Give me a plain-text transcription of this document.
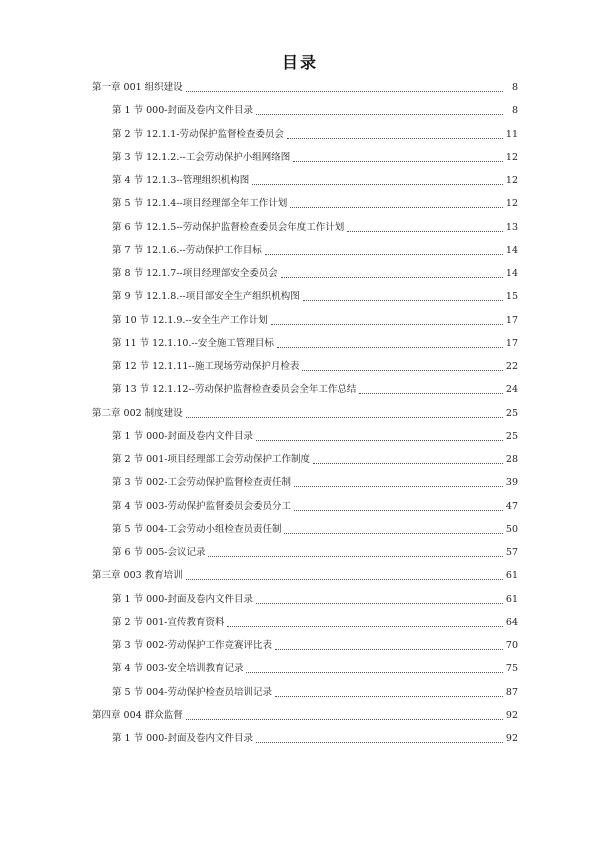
目录
第一章 001 组织建设	8
第 1 节 000-封面及卷内文件目录	8
第 2 节 12.1.1-劳动保护监督检查委员会	11
第 3 节 12.1.2.--工会劳动保护小组网络图	12
第 4 节 12.1.3--管理组织机构图	12
第 5 节 12.1.4--项目经理部全年工作计划	12
第 6 节 12.1.5--劳动保护监督检查委员会年度工作计划	13
第 7 节 12.1.6.--劳动保护工作目标	14
第 8 节 12.1.7--项目经理部安全委员会	14
第 9 节 12.1.8.--项目部安全生产组织机构图	15
第 10 节 12.1.9.--安全生产工作计划	17
第 11 节 12.1.10.--安全施工管理目标	17
第 12 节 12.1.11--施工现场劳动保护月检表	22
第 13 节 12.1.12--劳动保护监督检查委员会全年工作总结	24
第二章 002 制度建设	25
第 1 节 000-封面及卷内文件目录	25
第 2 节 001-项目经理部工会劳动保护工作制度	28
第 3 节 002-工会劳动保护监督检查责任制	39
第 4 节 003-劳动保护监督委员会委员分工	47
第 5 节 004-工会劳动小组检查员责任制	50
第 6 节 005-会议记录	57
第三章 003 教育培训	61
第 1 节 000-封面及卷内文件目录	61
第 2 节 001-宣传教育资料	64
第 3 节 002-劳动保护工作竞赛评比表	70
第 4 节 003-安全培训教育记录	75
第 5 节 004-劳动保护检查员培训记录	87
第四章 004 群众监督	92
第 1 节 000-封面及卷内文件目录	92
